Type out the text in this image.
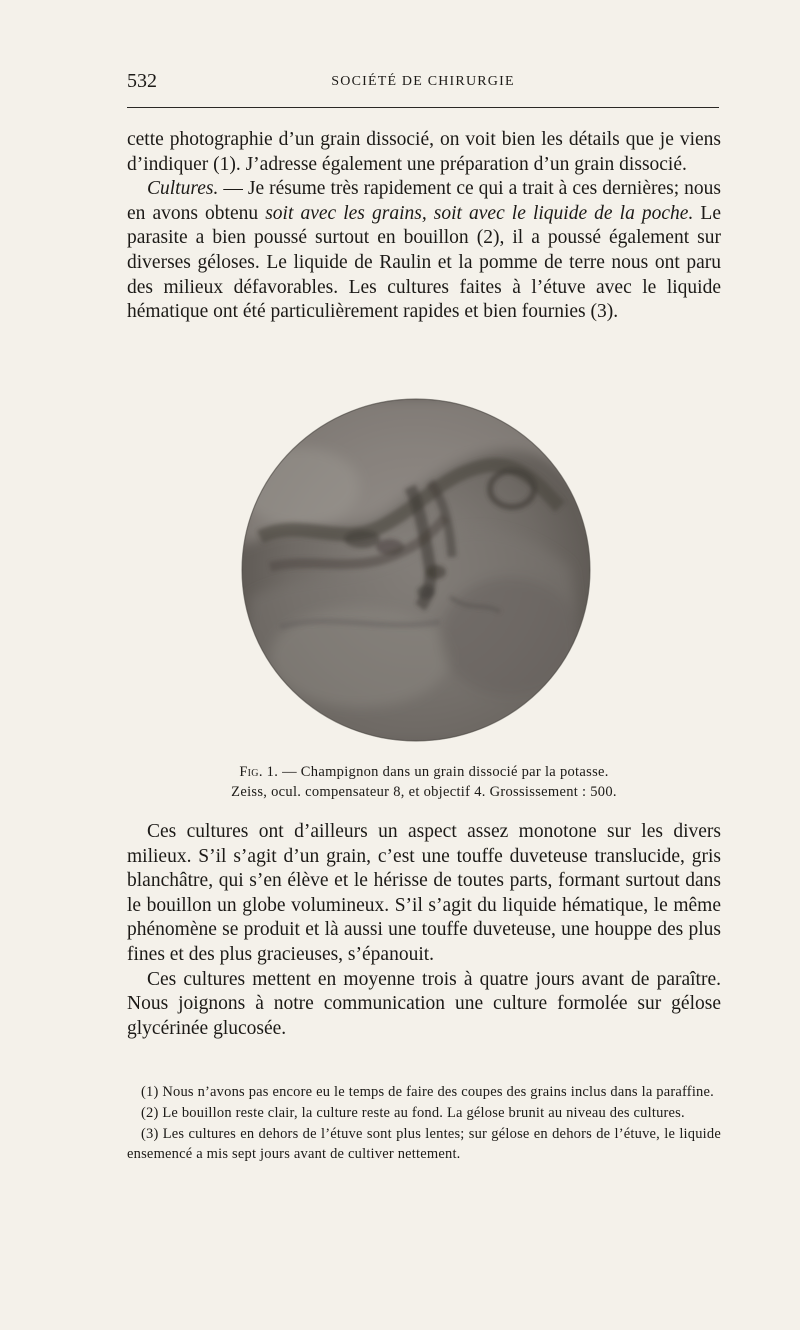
532	SOCIÉTÉ DE CHIRURGIE

cette photographie d’un grain dissocié, on voit bien les détails que je viens d’indiquer (1). J’adresse également une préparation d’un grain dissocié.

Cultures. — Je résume très rapidement ce qui a trait à ces dernières; nous en avons obtenu soit avec les grains, soit avec le liquide de la poche. Le parasite a bien poussé surtout en bouillon (2), il a poussé également sur diverses géloses. Le liquide de Raulin et la pomme de terre nous ont paru des milieux défavorables. Les cultures faites à l’étuve avec le liquide hématique ont été particulièrement rapides et bien fournies (3).

Fig. 1. — Champignon dans un grain dissocié par la potasse.

Zeiss, ocul. compensateur 8, et objectif 4. Grossissement : 500.

Ces cultures ont d’ailleurs un aspect assez monotone sur les divers milieux. S’il s’agit d’un grain, c’est une touffe duveteuse translucide, gris blanchâtre, qui s’en élève et le hérisse de toutes parts, formant surtout dans le bouillon un globe volumineux. S’il s’agit du liquide hématique, le même phénomène se produit et là aussi une touffe duveteuse, une houppe des plus fines et des plus gracieuses, s’épanouit.

Ces cultures mettent en moyenne trois à quatre jours avant de paraître. Nous joignons à notre communication une culture formolée sur gélose glycérinée glucosée.

(1) Nous n’avons pas encore eu le temps de faire des coupes des grains inclus dans la paraffine.

(2) Le bouillon reste clair, la culture reste au fond. La gélose brunit au niveau des cultures.

(3) Les cultures en dehors de l’étuve sont plus lentes; sur gélose en dehors de l’étuve, le liquide ensemencé a mis sept jours avant de cultiver nettement.
